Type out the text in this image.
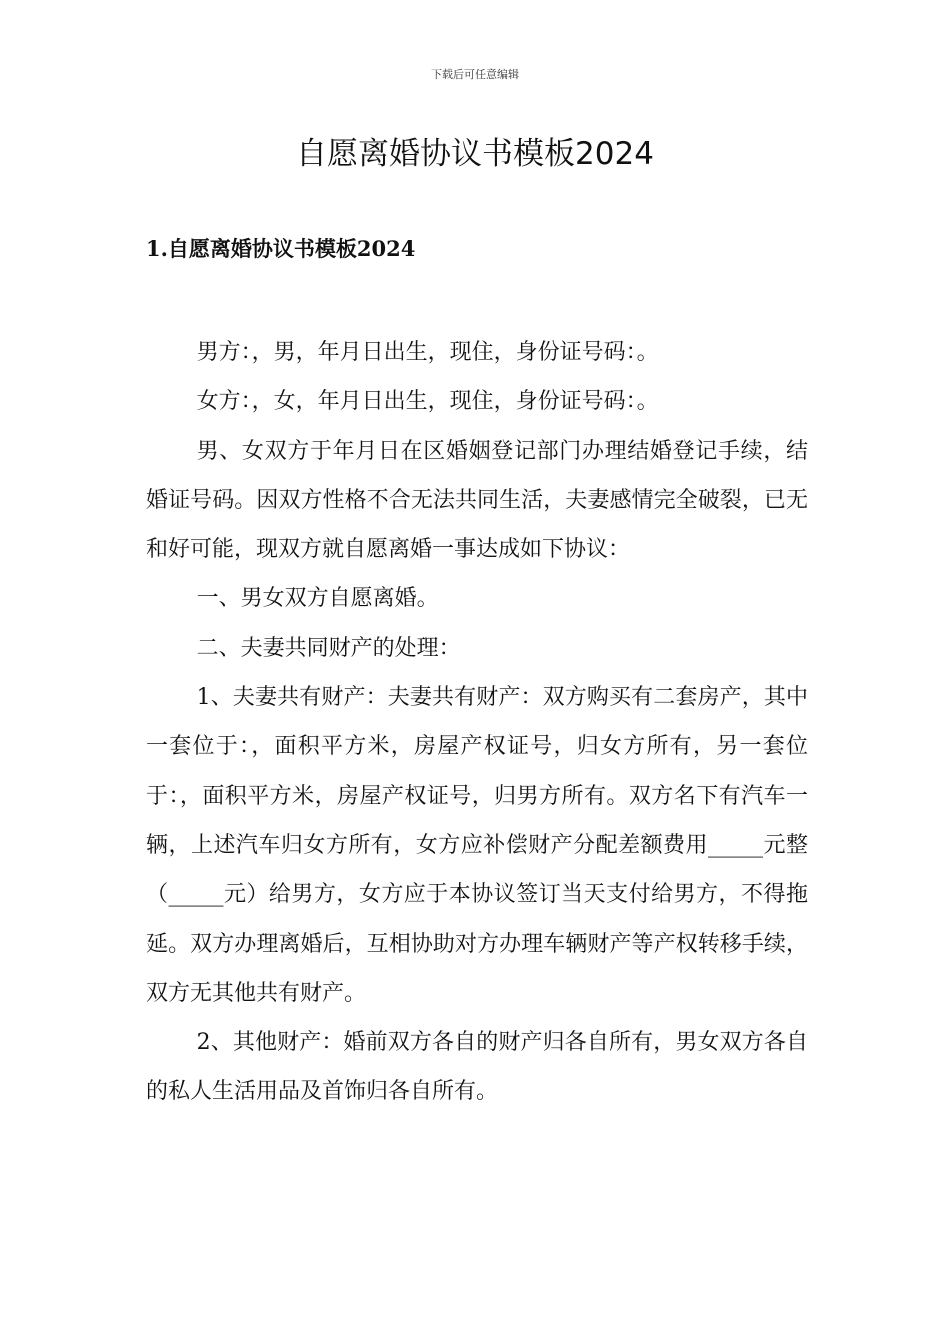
下载后可任意编辑
自愿离婚协议书模板2024
1.自愿离婚协议书模板2024

男方：，男，年月日出生，现住，身份证号码：。

女方：，女，年月日出生，现住，身份证号码：。

男、女双方于年月日在区婚姻登记部门办理结婚登记手续，结婚证号码。因双方性格不合无法共同生活，夫妻感情完全破裂，已无和好可能，现双方就自愿离婚一事达成如下协议：

一、男女双方自愿离婚。

二、夫妻共同财产的处理：

1、夫妻共有财产：夫妻共有财产：双方购买有二套房产，其中一套位于：，面积平方米，房屋产权证号，归女方所有，另一套位于：，面积平方米，房屋产权证号，归男方所有。双方名下有汽车一辆，上述汽车归女方所有，女方应补偿财产分配差额费用_____元整（_____元）给男方，女方应于本协议签订当天支付给男方，不得拖延。双方办理离婚后，互相协助对方办理车辆财产等产权转移手续，双方无其他共有财产。

2、其他财产：婚前双方各自的财产归各自所有，男女双方各自的私人生活用品及首饰归各自所有。
